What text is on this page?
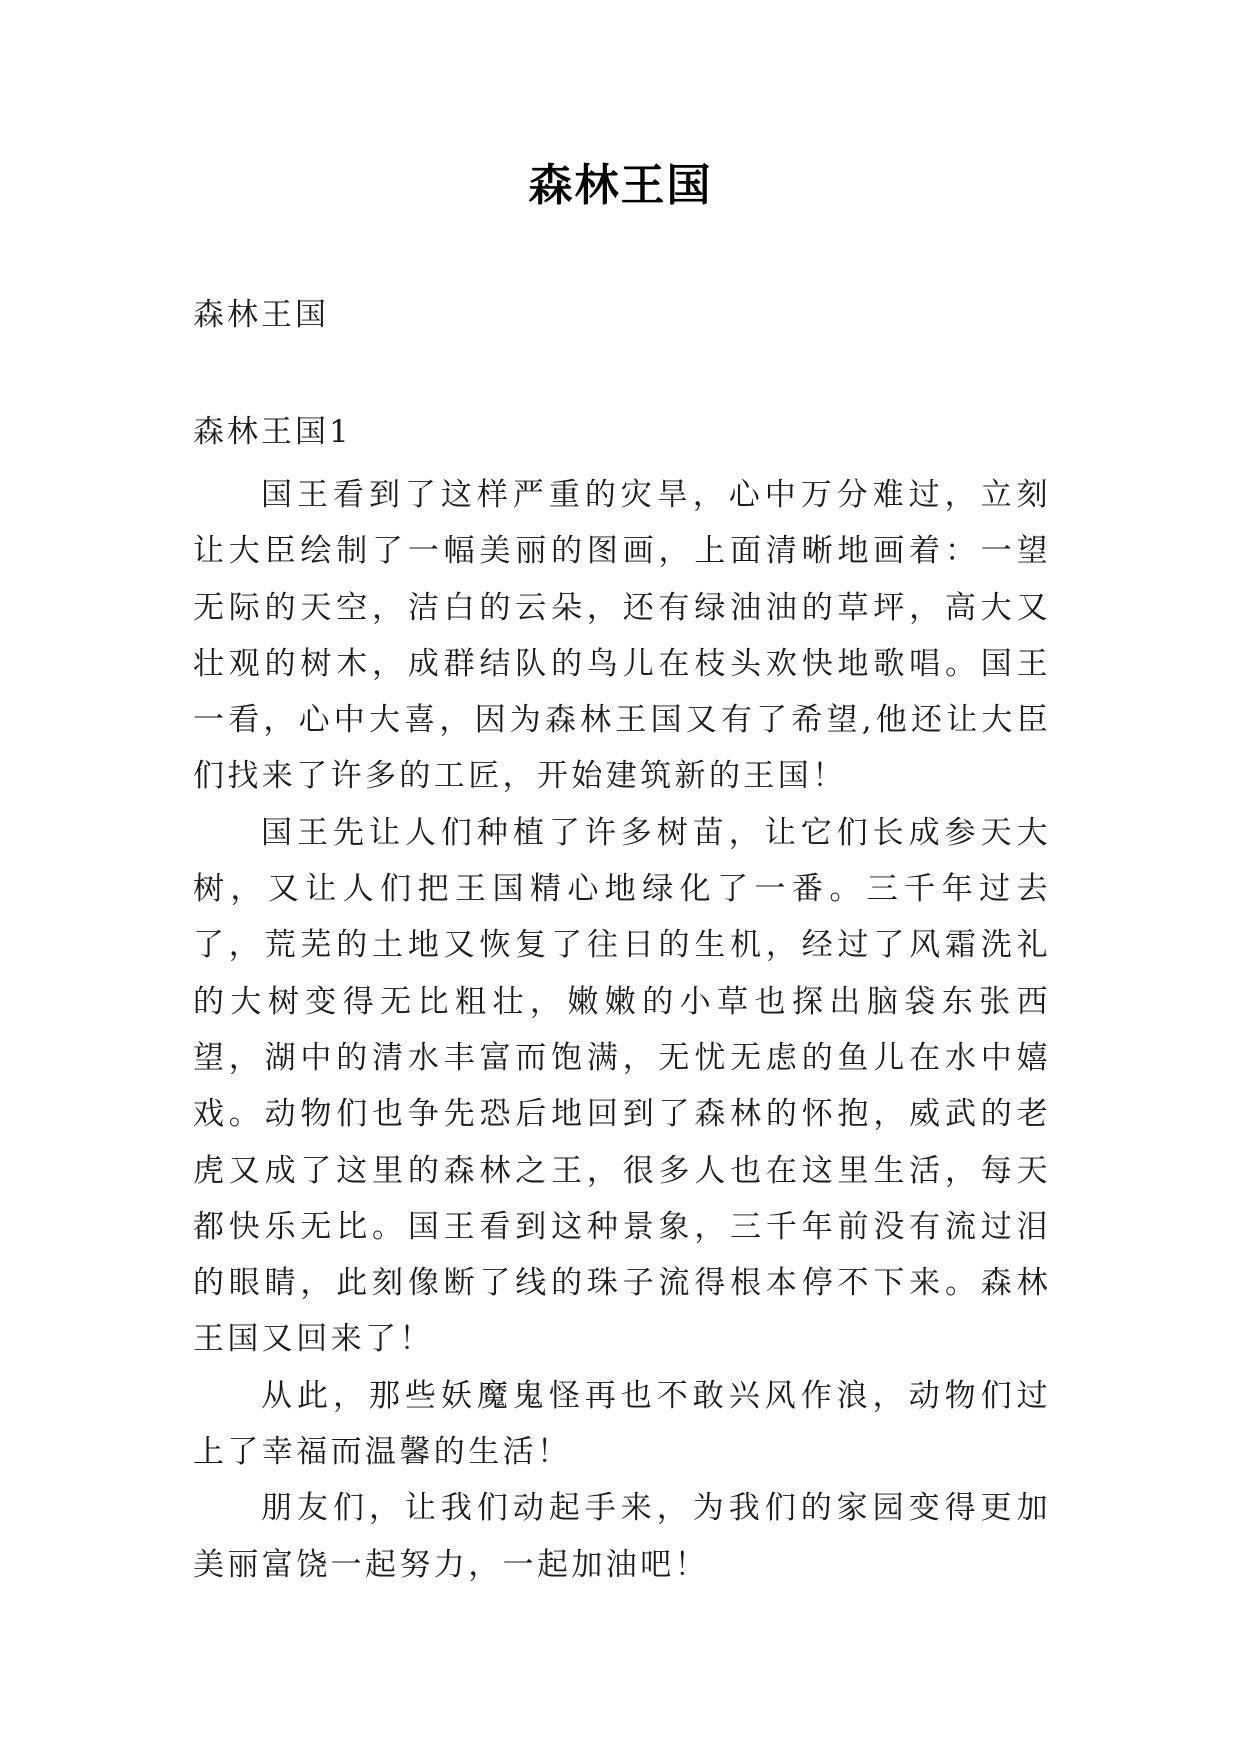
森林王国
森林王国
森林王国1

国王看到了这样严重的灾旱，心中万分难过，立刻让大臣绘制了一幅美丽的图画，上面清晰地画着：一望无际的天空，洁白的云朵，还有绿油油的草坪，高大又壮观的树木，成群结队的鸟儿在枝头欢快地歌唱。国王一看，心中大喜，因为森林王国又有了希望,他还让大臣们找来了许多的工匠，开始建筑新的王国！

国王先让人们种植了许多树苗，让它们长成参天大树，又让人们把王国精心地绿化了一番。三千年过去了，荒芜的土地又恢复了往日的生机，经过了风霜洗礼的大树变得无比粗壮，嫩嫩的小草也探出脑袋东张西望，湖中的清水丰富而饱满，无忧无虑的鱼儿在水中嬉戏。动物们也争先恐后地回到了森林的怀抱，威武的老虎又成了这里的森林之王，很多人也在这里生活，每天都快乐无比。国王看到这种景象，三千年前没有流过泪的眼睛，此刻像断了线的珠子流得根本停不下来。森林王国又回来了！

从此，那些妖魔鬼怪再也不敢兴风作浪，动物们过上了幸福而温馨的生活！

朋友们，让我们动起手来，为我们的家园变得更加美丽富饶一起努力，一起加油吧！
